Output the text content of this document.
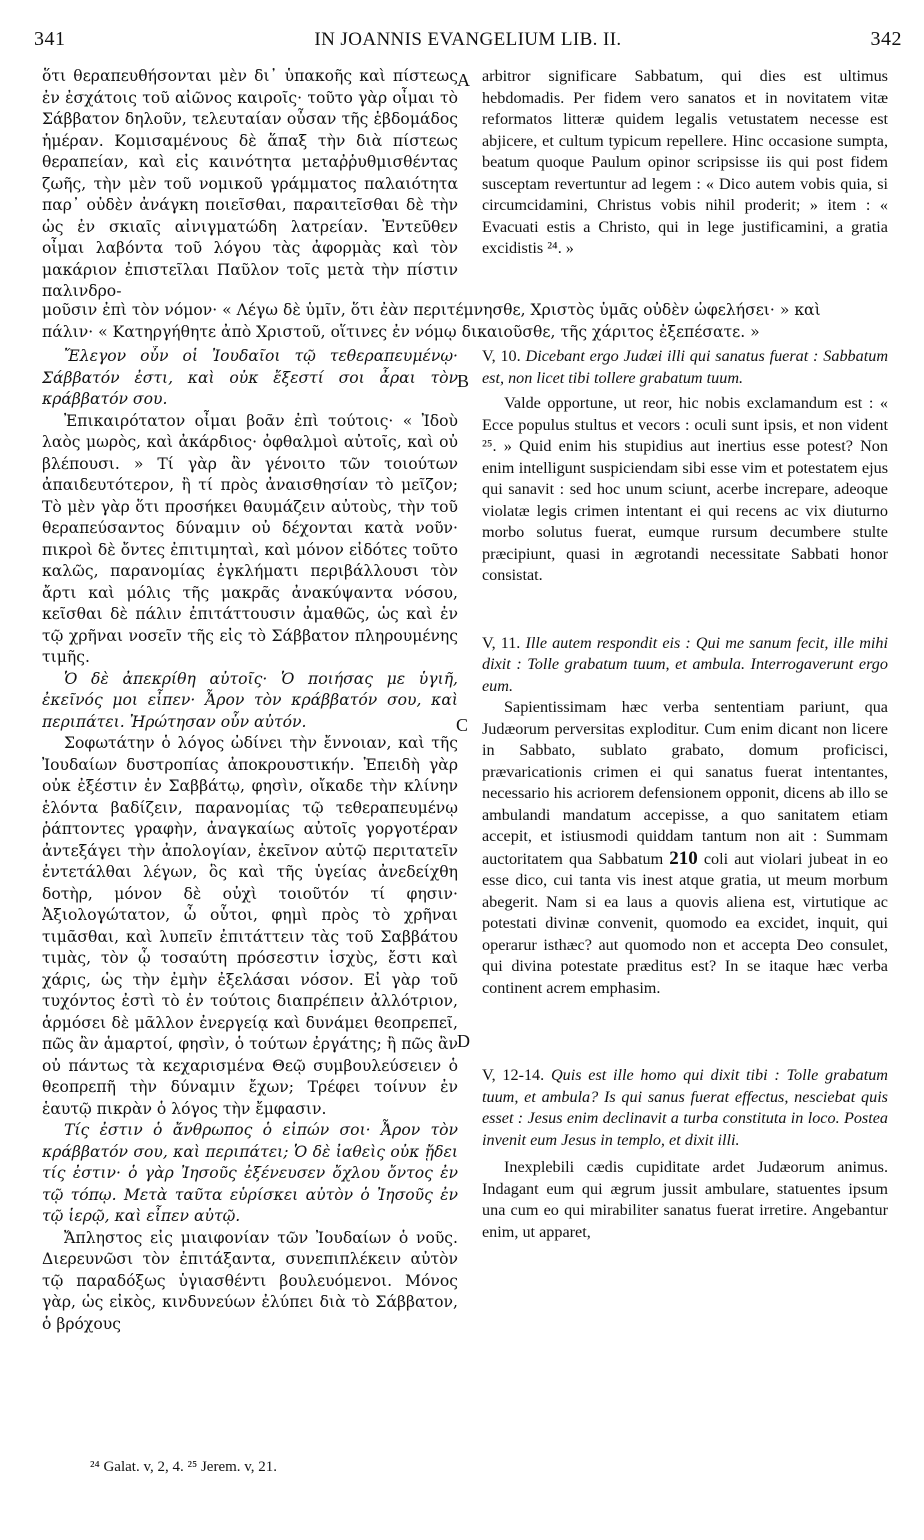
341	IN JOANNIS EVANGELIUM LIB. II.	342
A
B
C
D

ὅτι θεραπευθήσονται μὲν δι᾽ ὑπακοῆς καὶ πίστεως ἐν ἐσχάτοις τοῦ αἰῶνος καιροῖς· τοῦτο γὰρ οἶμαι τὸ Σάββατον δηλοῦν, τελευταίαν οὖσαν τῆς ἑβδομάδος ἡμέραν. Κομισαμένους δὲ ἅπαξ τὴν διὰ πίστεως θεραπείαν, καὶ εἰς καινότητα μεταῤῥυθμισθέντας ζωῆς, τὴν μὲν τοῦ νομικοῦ γράμματος παλαιότητα παρ᾽ οὐδὲν ἀνάγκη ποιεῖσθαι, παραιτεῖσθαι δὲ τὴν ὡς ἐν σκιαῖς αἰνιγματώδη λατρείαν. Ἐντεῦθεν οἶμαι λαβόντα τοῦ λόγου τὰς ἀφορμὰς καὶ τὸν μακάριον ἐπιστεῖλαι Παῦλον τοῖς μετὰ τὴν πίστιν παλινδρο-

arbitror significare Sabbatum, qui dies est ultimus hebdomadis. Per fidem vero sanatos et in novitatem vitæ reformatos litteræ quidem legalis vetustatem necesse est abjicere, et cultum typicum repellere. Hinc occasione sumpta, beatum quoque Paulum opinor scripsisse iis qui post fidem susceptam revertuntur ad legem : « Dico autem vobis quia, si circumcidamini, Christus vobis nihil proderit; » item : « Evacuati estis a Christo, qui in lege justificamini, a gratia excidistis ²⁴. »

μοῦσιν ἐπὶ τὸν νόμον· « Λέγω δὲ ὑμῖν, ὅτι ἐὰν περιτέμνησθε, Χριστὸς ὑμᾶς οὐδὲν ὠφελήσει· » καὶ
πάλιν· « Κατηργήθητε ἀπὸ Χριστοῦ, οἵτινες ἐν νόμῳ δικαιοῦσθε, τῆς χάριτος ἐξεπέσατε. »

Ἔλεγον οὖν οἱ Ἰουδαῖοι τῷ τεθεραπευμένῳ· Σάββατόν ἐστι, καὶ οὐκ ἔξεστί σοι ἆραι τὸν κράββατόν σου.

Ἐπικαιρότατον οἶμαι βοᾶν ἐπὶ τούτοις· « Ἰδοὺ λαὸς μωρὸς, καὶ ἀκάρδιος· ὀφθαλμοὶ αὐτοῖς, καὶ οὐ βλέπουσι. » Τί γὰρ ἂν γένοιτο τῶν τοιούτων ἀπαιδευτότερον, ἢ τί πρὸς ἀναισθησίαν τὸ μεῖζον; Τὸ μὲν γὰρ ὅτι προσήκει θαυμάζειν αὐτοὺς, τὴν τοῦ θεραπεύσαντος δύναμιν οὐ δέχονται κατὰ νοῦν· πικροὶ δὲ ὄντες ἐπιτιμηταὶ, καὶ μόνον εἰδότες τοῦτο καλῶς, παρανομίας ἐγκλήματι περιβάλλουσι τὸν ἄρτι καὶ μόλις τῆς μακρᾶς ἀνακύψαντα νόσου, κεῖσθαι δὲ πάλιν ἐπιτάττουσιν ἀμαθῶς, ὡς καὶ ἐν τῷ χρῆναι νοσεῖν τῆς εἰς τὸ Σάββατον πληρουμένης τιμῆς.

Ὁ δὲ ἀπεκρίθη αὐτοῖς· Ὁ ποιήσας με ὑγιῆ, ἐκεῖνός μοι εἶπεν· Ἆρον τὸν κράββατόν σου, καὶ περιπάτει. Ἠρώτησαν οὖν αὐτόν.

Σοφωτάτην ὁ λόγος ὠδίνει τὴν ἔννοιαν, καὶ τῆς Ἰουδαίων δυστροπίας ἀποκρουστικήν. Ἐπειδὴ γὰρ οὐκ ἐξέστιν ἐν Σαββάτῳ, φησὶν, οἴκαδε τὴν κλίνην ἑλόντα βαδίζειν, παρανομίας τῷ τεθεραπευμένῳ ῥάπτοντες γραφὴν, ἀναγκαίως αὐτοῖς γοργοτέραν ἀντεξάγει τὴν ἀπολογίαν, ἐκεῖνον αὐτῷ περιτατεῖν ἐντετάλθαι λέγων, ὃς καὶ τῆς ὑγείας ἀνεδείχθη δοτὴρ, μόνον δὲ οὐχὶ τοιοῦτόν τί φησιν· Ἀξιολογώτατον, ὦ οὗτοι, φημὶ πρὸς τὸ χρῆναι τιμᾶσθαι, καὶ λυπεῖν ἐπιτάττειν τὰς τοῦ Σαββάτου τιμὰς, τὸν ᾧ τοσαύτη πρόσεστιν ἰσχὺς, ἔστι καὶ χάρις, ὡς τὴν ἐμὴν ἐξελάσαι νόσον. Εἰ γὰρ τοῦ τυχόντος ἐστὶ τὸ ἐν τούτοις διαπρέπειν ἀλλότριον, ἁρμόσει δὲ μᾶλλον ἐνεργείᾳ καὶ δυνάμει θεοπρεπεῖ, πῶς ἂν ἁμαρτοί, φησὶν, ὁ τούτων ἐργάτης; ἢ πῶς ἂν οὐ πάντως τὰ κεχαρισμένα Θεῷ συμβουλεύσειεν ὁ θεοπρεπῆ τὴν δύναμιν ἔχων; Τρέφει τοίνυν ἐν ἑαυτῷ πικρὰν ὁ λόγος τὴν ἔμφασιν.

Τίς ἐστιν ὁ ἄνθρωπος ὁ εἰπών σοι· Ἆρον τὸν κράββατόν σου, καὶ περιπάτει; Ὁ δὲ ἰαθεὶς οὐκ ᾔδει τίς ἐστιν· ὁ γὰρ Ἰησοῦς ἐξένευσεν ὄχλου ὄντος ἐν τῷ τόπῳ. Μετὰ ταῦτα εὑρίσκει αὐτὸν ὁ Ἰησοῦς ἐν τῷ ἱερῷ, καὶ εἶπεν αὐτῷ.

Ἄπληστος εἰς μιαιφονίαν τῶν Ἰουδαίων ὁ νοῦς. Διερευνῶσι τὸν ἐπιτάξαντα, συνεπιπλέκειν αὐτὸν τῷ παραδόξως ὑγιασθέντι βουλευόμενοι. Μόνος γὰρ, ὡς εἰκὸς, κινδυνεύων ἐλύπει διὰ τὸ Σάββατον, ὁ βρόχους

V, 10. Dicebant ergo Judæi illi qui sanatus fuerat : Sabbatum est, non licet tibi tollere grabatum tuum.

Valde opportune, ut reor, hic nobis exclamandum est : « Ecce populus stultus et vecors : oculi sunt ipsis, et non vident ²⁵. » Quid enim his stupidius aut inertius esse potest? Non enim intelligunt suspiciendam sibi esse vim et potestatem ejus qui sanavit : sed hoc unum sciunt, acerbe increpare, adeoque violatæ legis crimen intentant ei qui recens ac vix diuturno morbo solutus fuerat, eumque rursum decumbere stulte præcipiunt, quasi in ægrotandi necessitate Sabbati honor consistat.

V, 11. Ille autem respondit eis : Qui me sanum fecit, ille mihi dixit : Tolle grabatum tuum, et ambula. Interrogaverunt ergo eum.

Sapientissimam hæc verba sententiam pariunt, qua Judæorum perversitas exploditur. Cum enim dicant non licere in Sabbato, sublato grabato, domum proficisci, prævaricationis crimen ei qui sanatus fuerat intentantes, necessario his acriorem defensionem opponit, dicens ab illo se ambulandi mandatum accepisse, a quo sanitatem etiam accepit, et istiusmodi quiddam tantum non ait : Summam auctoritatem qua Sabbatum 210 coli aut violari jubeat in eo esse dico, cui tanta vis inest atque gratia, ut meum morbum abegerit. Nam si ea laus a quovis aliena est, virtutique ac potestati divinæ convenit, quomodo ea excidet, inquit, qui operarur isthæc? aut quomodo non et accepta Deo consulet, qui divina potestate præditus est? In se itaque hæc verba continent acrem emphasim.

V, 12-14. Quis est ille homo qui dixit tibi : Tolle grabatum tuum, et ambula? Is qui sanus fuerat effectus, nesciebat quis esset : Jesus enim declinavit a turba constituta in loco. Postea invenit eum Jesus in templo, et dixit illi.

Inexplebili cædis cupiditate ardet Judæorum animus. Indagant eum qui ægrum jussit ambulare, statuentes ipsum una cum eo qui mirabiliter sanatus fuerat irretire. Angebantur enim, ut apparet,

²⁴ Galat. v, 2, 4. ²⁵ Jerem. v, 21.
